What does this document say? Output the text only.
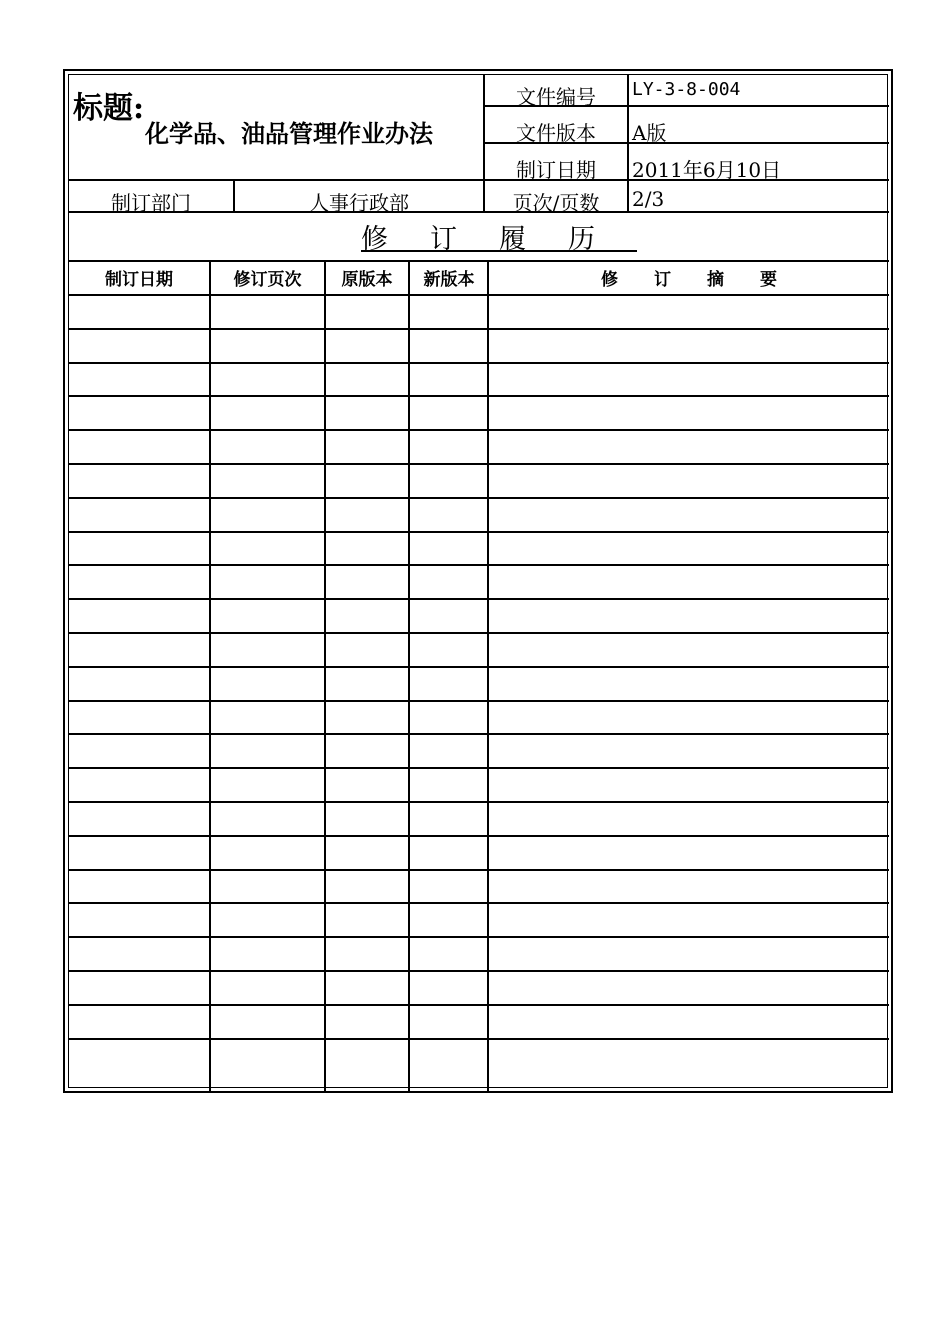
标题:
化学品、油品管理作业办法
文件编号	LY-3-8-004
文件版本	A版
制订日期	2011年6月10日
制订部门	人事行政部	页次/页数	2/3
修订履历
制订日期	修订页次	原版本	新版本	修订摘要
